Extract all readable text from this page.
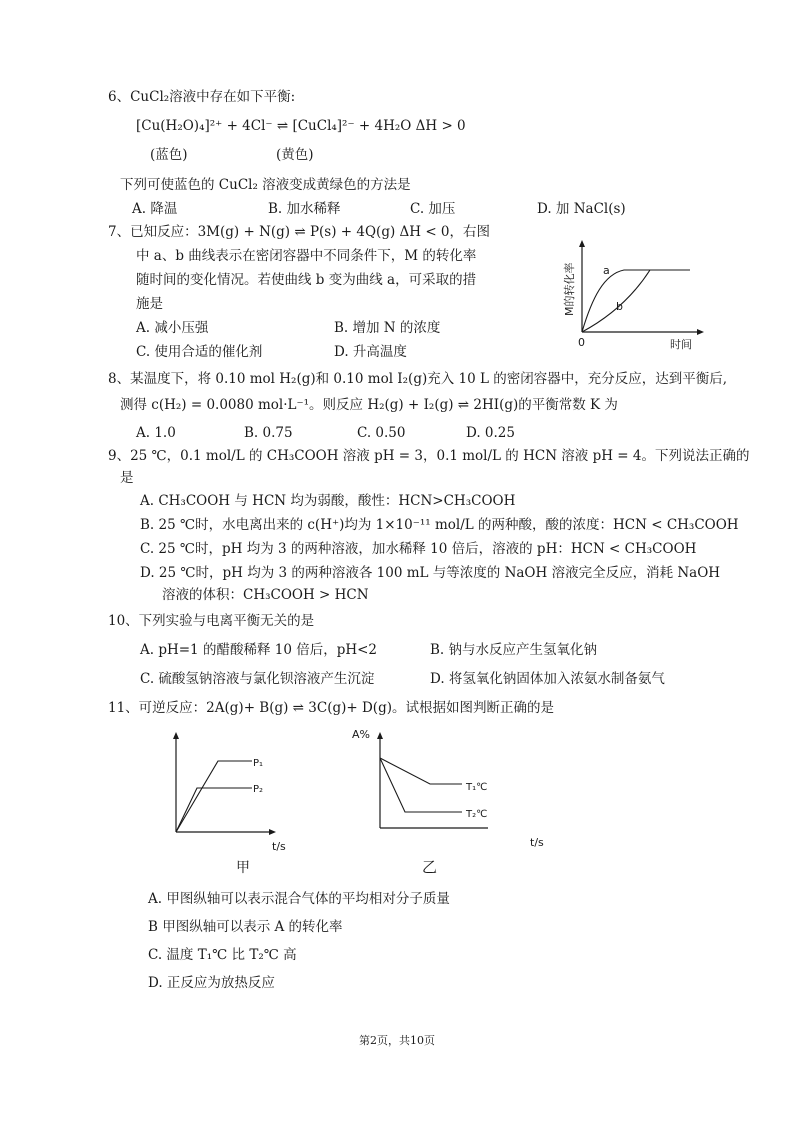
6、CuCl₂溶液中存在如下平衡:
[Cu(H₂O)₄]²⁺ + 4Cl⁻ ⇌ [CuCl₄]²⁻ + 4H₂O ΔH > 0
(蓝色)	(黄色)
下列可使蓝色的 CuCl₂ 溶液变成黄绿色的方法是
A. 降温	B. 加水稀释	C. 加压	D. 加 NaCl(s)
7、已知反应：3M(g) + N(g) ⇌ P(s) + 4Q(g) ΔH < 0，右图
中 a、b 曲线表示在密闭容器中不同条件下，M 的转化率
随时间的变化情况。若使曲线 b 变为曲线 a，可采取的措
施是
A. 减小压强	B. 增加 N 的浓度
C. 使用合适的催化剂	D. 升高温度
a
b
0	时间
M的转化率
8、某温度下，将 0.10 mol H₂(g)和 0.10 mol I₂(g)充入 10 L 的密闭容器中，充分反应，达到平衡后,
测得 c(H₂) = 0.0080 mol·L⁻¹。则反应 H₂(g) + I₂(g) ⇌ 2HI(g)的平衡常数 K 为
A. 1.0	B. 0.75	C. 0.50	D. 0.25
9、25 ℃，0.1 mol/L 的 CH₃COOH 溶液 pH = 3，0.1 mol/L 的 HCN 溶液 pH = 4。下列说法正确的
是
A. CH₃COOH 与 HCN 均为弱酸，酸性：HCN>CH₃COOH
B. 25 ℃时，水电离出来的 c(H⁺)均为 1×10⁻¹¹ mol/L 的两种酸，酸的浓度：HCN < CH₃COOH
C. 25 ℃时，pH 均为 3 的两种溶液，加水稀释 10 倍后，溶液的 pH：HCN < CH₃COOH
D. 25 ℃时，pH 均为 3 的两种溶液各 100 mL 与等浓度的 NaOH 溶液完全反应，消耗 NaOH
溶液的体积：CH₃COOH > HCN
10、下列实验与电离平衡无关的是
A. pH=1 的醋酸稀释 10 倍后，pH<2	B. 钠与水反应产生氢氧化钠
C. 硫酸氢钠溶液与氯化钡溶液产生沉淀	D. 将氢氧化钠固体加入浓氨水制备氨气
11、可逆反应：2A(g)+ B(g) ⇌ 3C(g)+ D(g)。试根据如图判断正确的是
P₁
P₂
t/s
甲
A%
T₁℃
T₂℃
t/s
乙
A. 甲图纵轴可以表示混合气体的平均相对分子质量
B 甲图纵轴可以表示 A 的转化率
C. 温度 T₁℃ 比 T₂℃ 高
D. 正反应为放热反应
第2页，共10页
